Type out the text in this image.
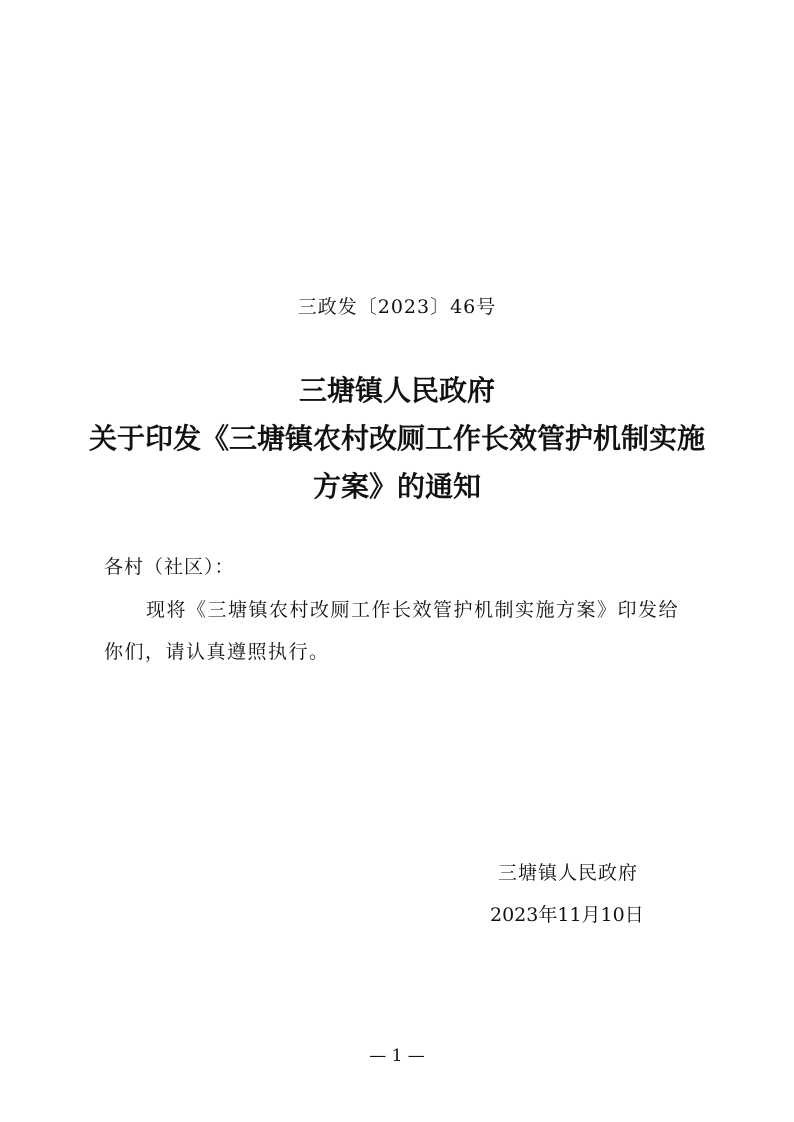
三政发〔2023〕46号
三塘镇人民政府
关于印发《三塘镇农村改厕工作长效管护机制实施
方案》的通知
各村（社区）：
现将《三塘镇农村改厕工作长效管护机制实施方案》印发给
你们，请认真遵照执行。
三塘镇人民政府
2023年11月10日
— 1 —
